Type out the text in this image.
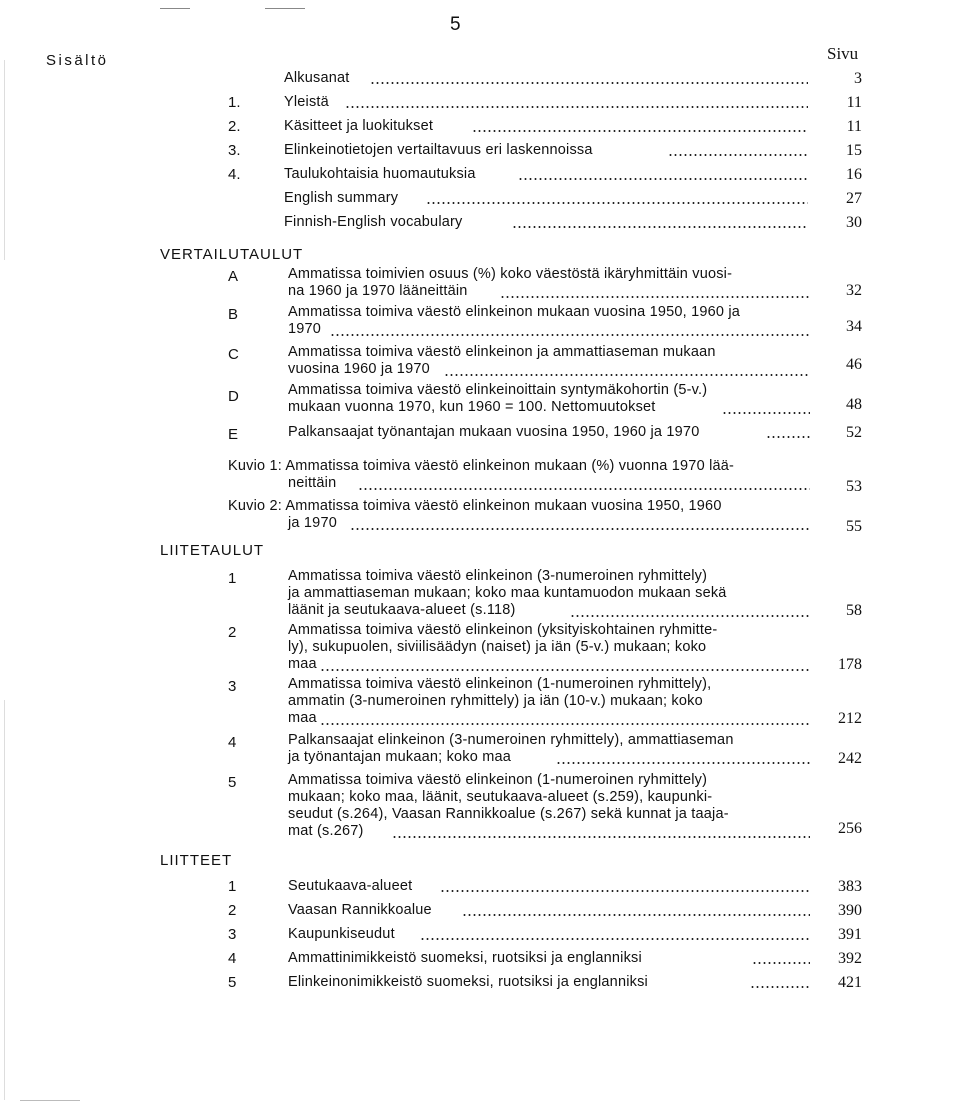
5
Sisältö	Sivu
Alkusanat	3
1.	Yleistä	11
2.	Käsitteet ja luokitukset	11
3.	Elinkeinotietojen vertailtavuus eri laskennoissa	15
4.	Taulukohtaisia huomautuksia	16
English summary	27
Finnish-English vocabulary	30
VERTAILUTAULUT
A	Ammatissa toimivien osuus (%) koko väestöstä ikäryhmittäin vuosi-
na 1960 ja 1970 lääneittäin	32
B	Ammatissa toimiva väestö elinkeinon mukaan vuosina 1950, 1960 ja
1970	34
C	Ammatissa toimiva väestö elinkeinon ja ammattiaseman mukaan
vuosina 1960 ja 1970	46
D	Ammatissa toimiva väestö elinkeinoittain syntymäkohortin (5-v.)
mukaan vuonna 1970, kun 1960 = 100. Nettomuutokset	48
E	Palkansaajat työnantajan mukaan vuosina 1950, 1960 ja 1970	52
Kuvio 1: Ammatissa toimiva väestö elinkeinon mukaan (%) vuonna 1970 lää-
neittäin	53
Kuvio 2: Ammatissa toimiva väestö elinkeinon mukaan vuosina 1950, 1960
ja 1970	55
LIITETAULUT
1	Ammatissa toimiva väestö elinkeinon (3-numeroinen ryhmittely)
ja ammattiaseman mukaan; koko maa kuntamuodon mukaan sekä
läänit ja seutukaava-alueet (s.118)	58
2	Ammatissa toimiva väestö elinkeinon (yksityiskohtainen ryhmitte-
ly), sukupuolen, siviilisäädyn (naiset) ja iän (5-v.) mukaan; koko
maa	178
3	Ammatissa toimiva väestö elinkeinon (1-numeroinen ryhmittely),
ammatin (3-numeroinen ryhmittely) ja iän (10-v.) mukaan; koko
maa	212
4	Palkansaajat elinkeinon (3-numeroinen ryhmittely), ammattiaseman
ja työnantajan mukaan; koko maa	242
5	Ammatissa toimiva väestö elinkeinon (1-numeroinen ryhmittely)
mukaan; koko maa, läänit, seutukaava-alueet (s.259), kaupunki-
seudut (s.264), Vaasan Rannikkoalue (s.267) sekä kunnat ja taaja-
mat (s.267)	256
LIITTEET
1	Seutukaava-alueet	383
2	Vaasan Rannikkoalue	390
3	Kaupunkiseudut	391
4	Ammattinimikkeistö suomeksi, ruotsiksi ja englanniksi	392
5	Elinkeinonimikkeistö suomeksi, ruotsiksi ja englanniksi	421
